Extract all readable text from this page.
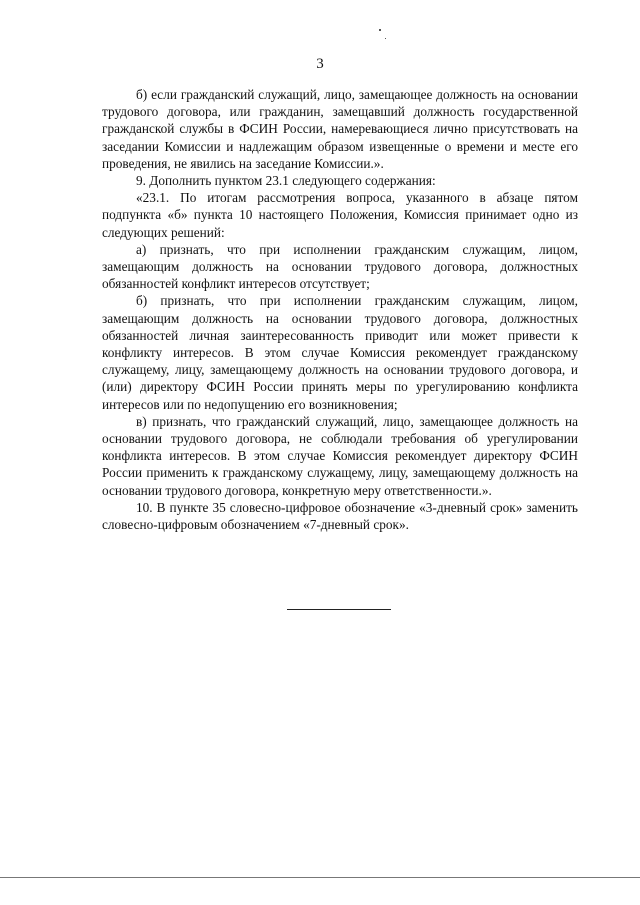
3

б) если гражданский служащий, лицо, замещающее должность на основании трудового договора, или гражданин, замещавший должность государственной гражданской службы в ФСИН России, намеревающиеся лично присутствовать на заседании Комиссии и надлежащим образом извещенные о времени и месте его проведения, не явились на заседание Комиссии.».

9. Дополнить пунктом 23.1 следующего содержания:

«23.1. По итогам рассмотрения вопроса, указанного в абзаце пятом подпункта «б» пункта 10 настоящего Положения, Комиссия принимает одно из следующих решений:

а) признать, что при исполнении гражданским служащим, лицом, замещающим должность на основании трудового договора, должностных обязанностей конфликт интересов отсутствует;

б) признать, что при исполнении гражданским служащим, лицом, замещающим должность на основании трудового договора, должностных обязанностей личная заинтересованность приводит или может привести к конфликту интересов. В этом случае Комиссия рекомендует гражданскому служащему, лицу, замещающему должность на основании трудового договора, и (или) директору ФСИН России принять меры по урегулированию конфликта интересов или по недопущению его возникновения;

в) признать, что гражданский служащий, лицо, замещающее должность на основании трудового договора, не соблюдали требования об урегулировании конфликта интересов. В этом случае Комиссия рекомендует директору ФСИН России применить к гражданскому служащему, лицу, замещающему должность на основании трудового договора, конкретную меру ответственности.».

10. В пункте 35 словесно-цифровое обозначение «3-дневный срок» заменить словесно-цифровым обозначением «7-дневный срок».
